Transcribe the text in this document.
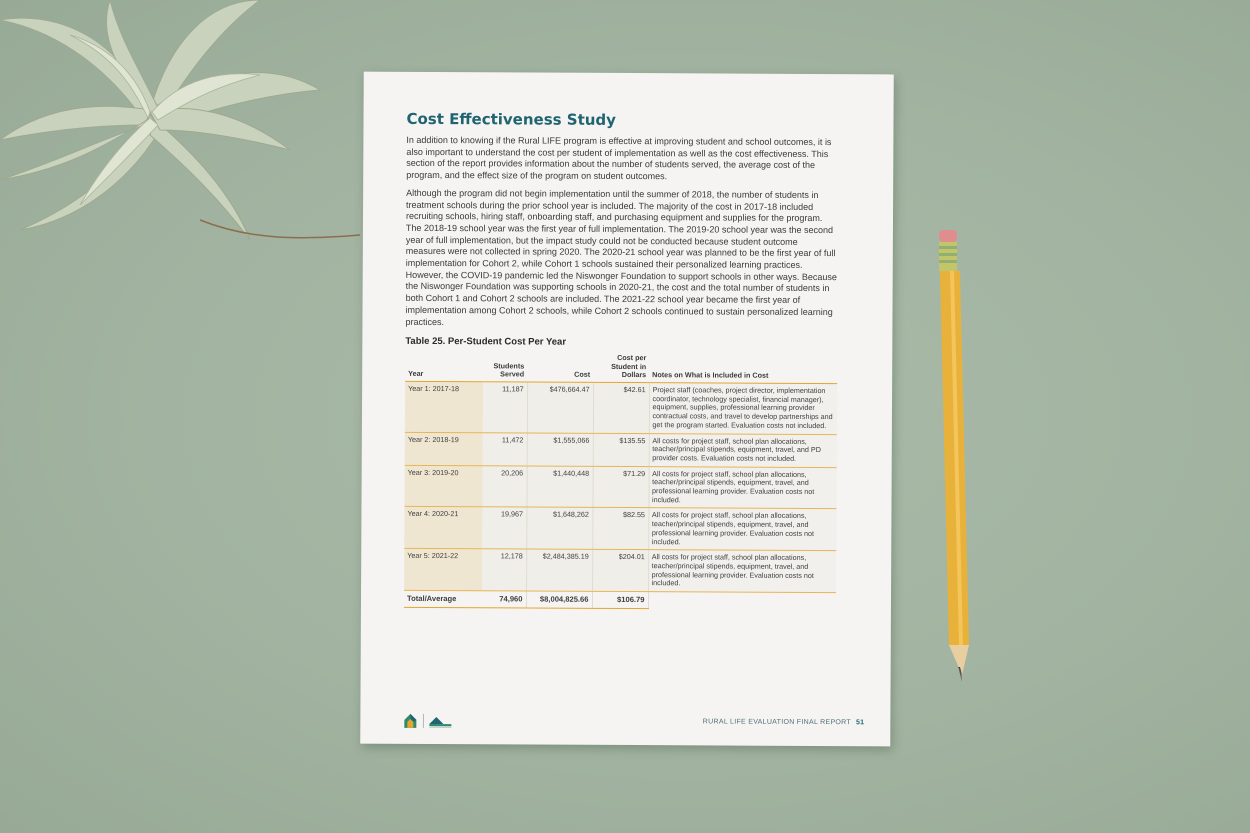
Cost Effectiveness Study

In addition to knowing if the Rural LIFE program is effective at improving student and school outcomes, it is also important to understand the cost per student of implementation as well as the cost effectiveness. This section of the report provides information about the number of students served, the average cost of the program, and the effect size of the program on student outcomes.

Although the program did not begin implementation until the summer of 2018, the number of students in treatment schools during the prior school year is included. The majority of the cost in 2017-18 included recruiting schools, hiring staff, onboarding staff, and purchasing equipment and supplies for the program. The 2018-19 school year was the first year of full implementation. The 2019-20 school year was the second year of full implementation, but the impact study could not be conducted because student outcome measures were not collected in spring 2020. The 2020-21 school year was planned to be the first year of full implementation for Cohort 2, while Cohort 1 schools sustained their personalized learning practices. However, the COVID-19 pandemic led the Niswonger Foundation to support schools in other ways. Because the Niswonger Foundation was supporting schools in 2020-21, the cost and the total number of students in both Cohort 1 and Cohort 2 schools are included. The 2021-22 school year became the first year of implementation among Cohort 2 schools, while Cohort 2 schools continued to sustain personalized learning practices.

Table 25. Per-Student Cost Per Year
Year	Students Served	Cost	Cost per Student in Dollars	Notes on What is Included in Cost
Year 1: 2017-18	11,187	$476,664.47	$42.61	Project staff (coaches, project director, implementation coordinator, technology specialist, financial manager), equipment, supplies, professional learning provider contractual costs, and travel to develop partnerships and get the program started. Evaluation costs not included.
Year 2: 2018-19	11,472	$1,555,066	$135.55	All costs for project staff, school plan allocations, teacher/principal stipends, equipment, travel, and PD provider costs. Evaluation costs not included.
Year 3: 2019-20	20,206	$1,440,448	$71.29	All costs for project staff, school plan allocations, teacher/principal stipends, equipment, travel, and professional learning provider. Evaluation costs not included.
Year 4: 2020-21	19,967	$1,648,262	$82.55	All costs for project staff, school plan allocations, teacher/principal stipends, equipment, travel, and professional learning provider. Evaluation costs not included.
Year 5: 2021-22	12,178	$2,484,385.19	$204.01	All costs for project staff, school plan allocations, teacher/principal stipends, equipment, travel, and professional learning provider. Evaluation costs not included.
Total/Average	74,960	$8,004,825.66	$106.79	
RURAL LIFE EVALUATION FINAL REPORT 51
